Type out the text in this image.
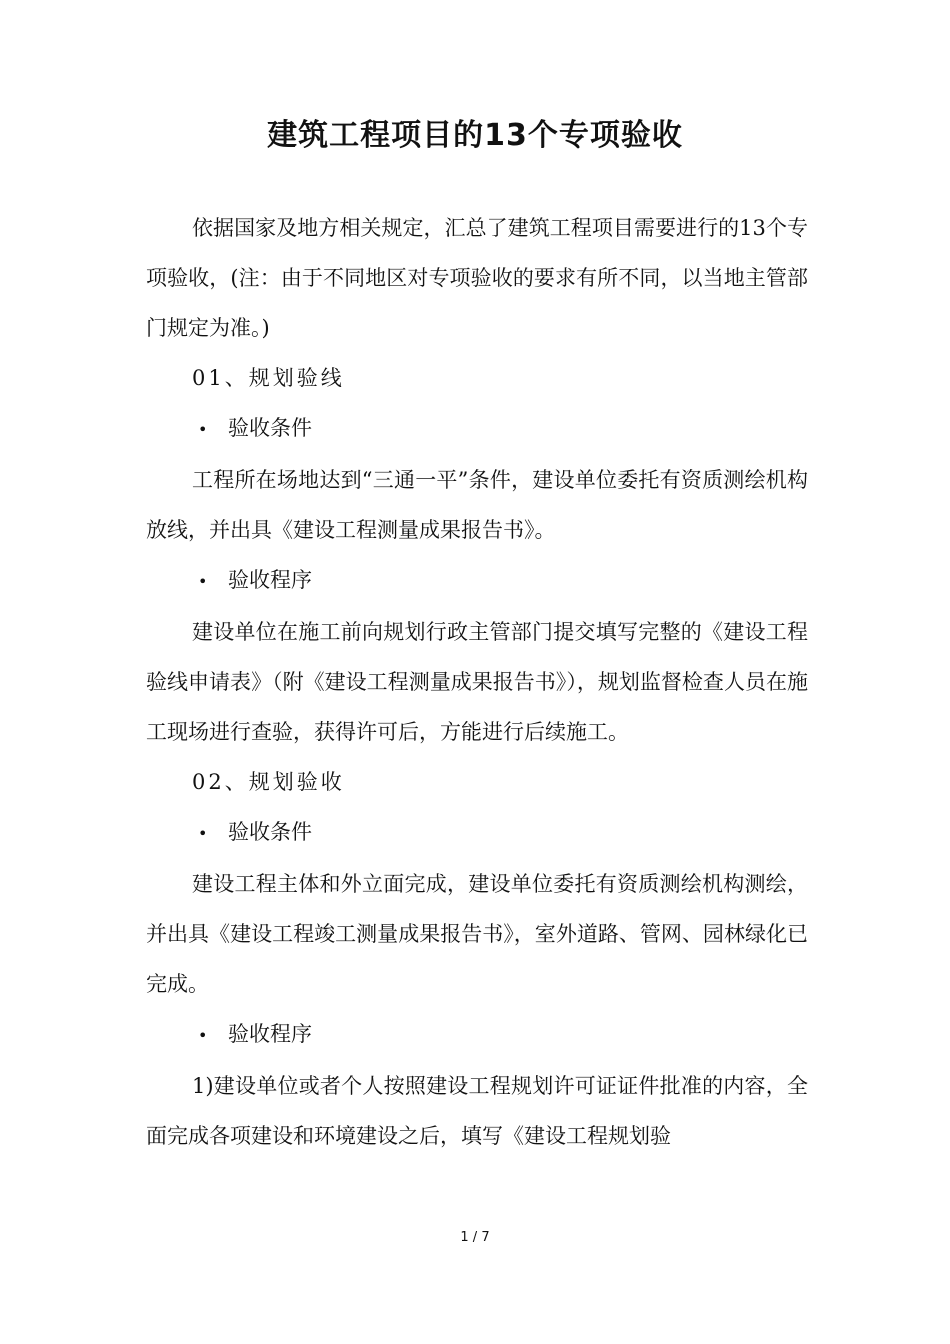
建筑工程项目的13个专项验收

依据国家及地方相关规定，汇总了建筑工程项目需要进行的13个专项验收，(注：由于不同地区对专项验收的要求有所不同，以当地主管部门规定为准。)

01、规划验线

• 验收条件

工程所在场地达到“三通一平”条件，建设单位委托有资质测绘机构放线，并出具《建设工程测量成果报告书》。

• 验收程序

建设单位在施工前向规划行政主管部门提交填写完整的《建设工程验线申请表》（附《建设工程测量成果报告书》），规划监督检查人员在施工现场进行查验，获得许可后，方能进行后续施工。

02、规划验收

• 验收条件

建设工程主体和外立面完成，建设单位委托有资质测绘机构测绘，并出具《建设工程竣工测量成果报告书》，室外道路、管网、园林绿化已完成。

• 验收程序

1)建设单位或者个人按照建设工程规划许可证证件批准的内容，全面完成各项建设和环境建设之后，填写《建设工程规划验

1 / 7
